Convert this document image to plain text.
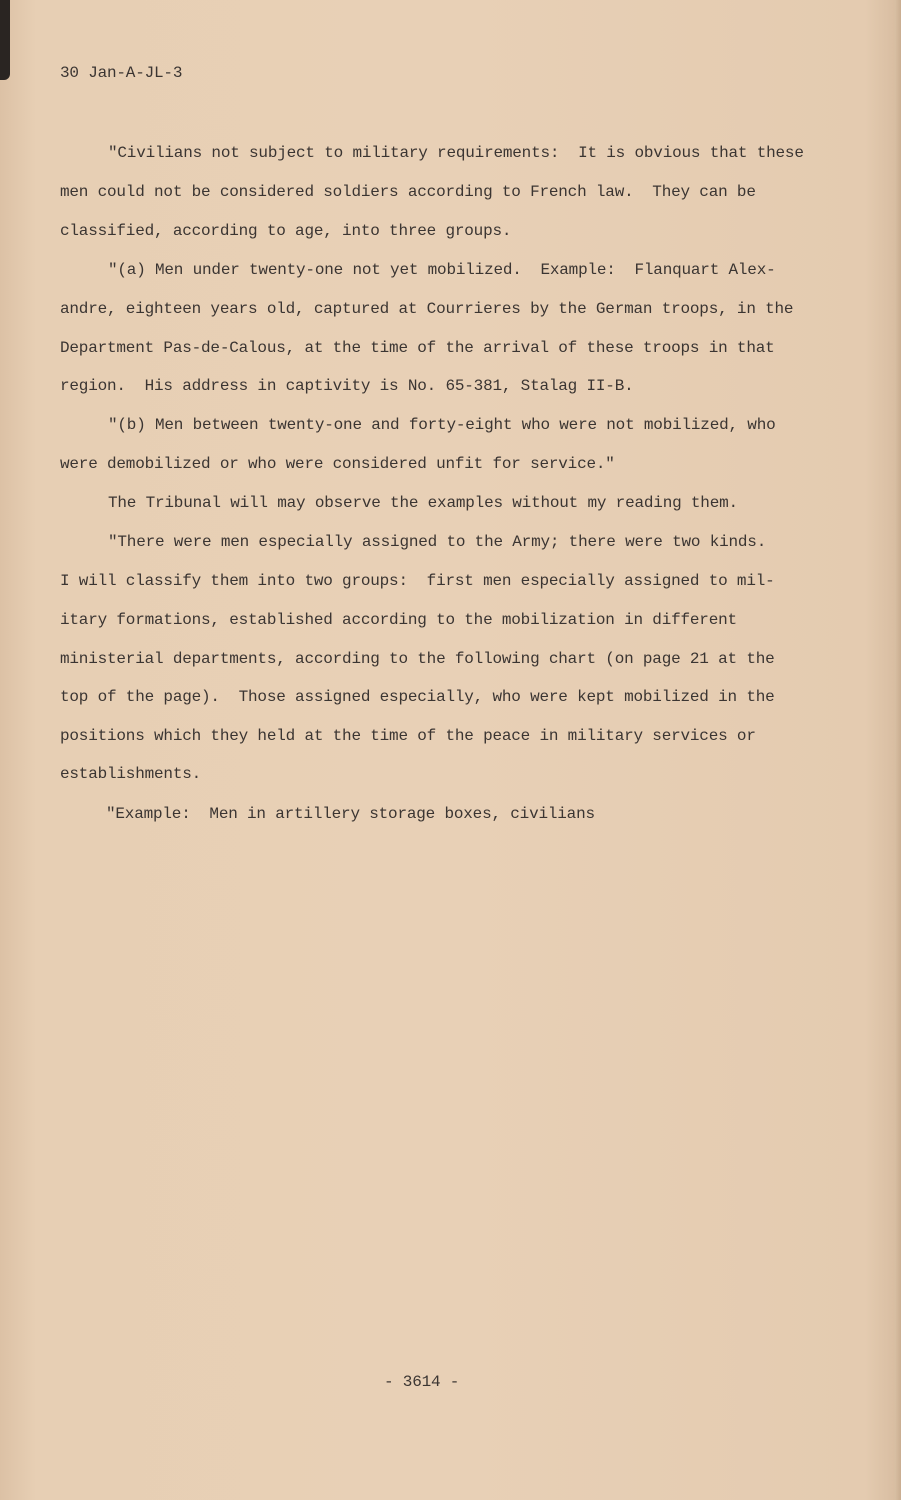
30 Jan-A-JL-3
"Civilians not subject to military requirements:  It is obvious that these
men could not be considered soldiers according to French law.  They can be
classified, according to age, into three groups.
"(a) Men under twenty-one not yet mobilized.  Example:  Flanquart Alex-
andre, eighteen years old, captured at Courrieres by the German troops, in the
Department Pas-de-Calous, at the time of the arrival of these troops in that
region.  His address in captivity is No. 65-381, Stalag II-B.
"(b) Men between twenty-one and forty-eight who were not mobilized, who
were demobilized or who were considered unfit for service."
The Tribunal will may observe the examples without my reading them.
"There were men especially assigned to the Army; there were two kinds.
I will classify them into two groups:  first men especially assigned to mil-
itary formations, established according to the mobilization in different
ministerial departments, according to the following chart (on page 21 at the
top of the page).  Those assigned especially, who were kept mobilized in the
positions which they held at the time of the peace in military services or
establishments.
"Example:  Men in artillery storage boxes, civilians
- 3614 -
